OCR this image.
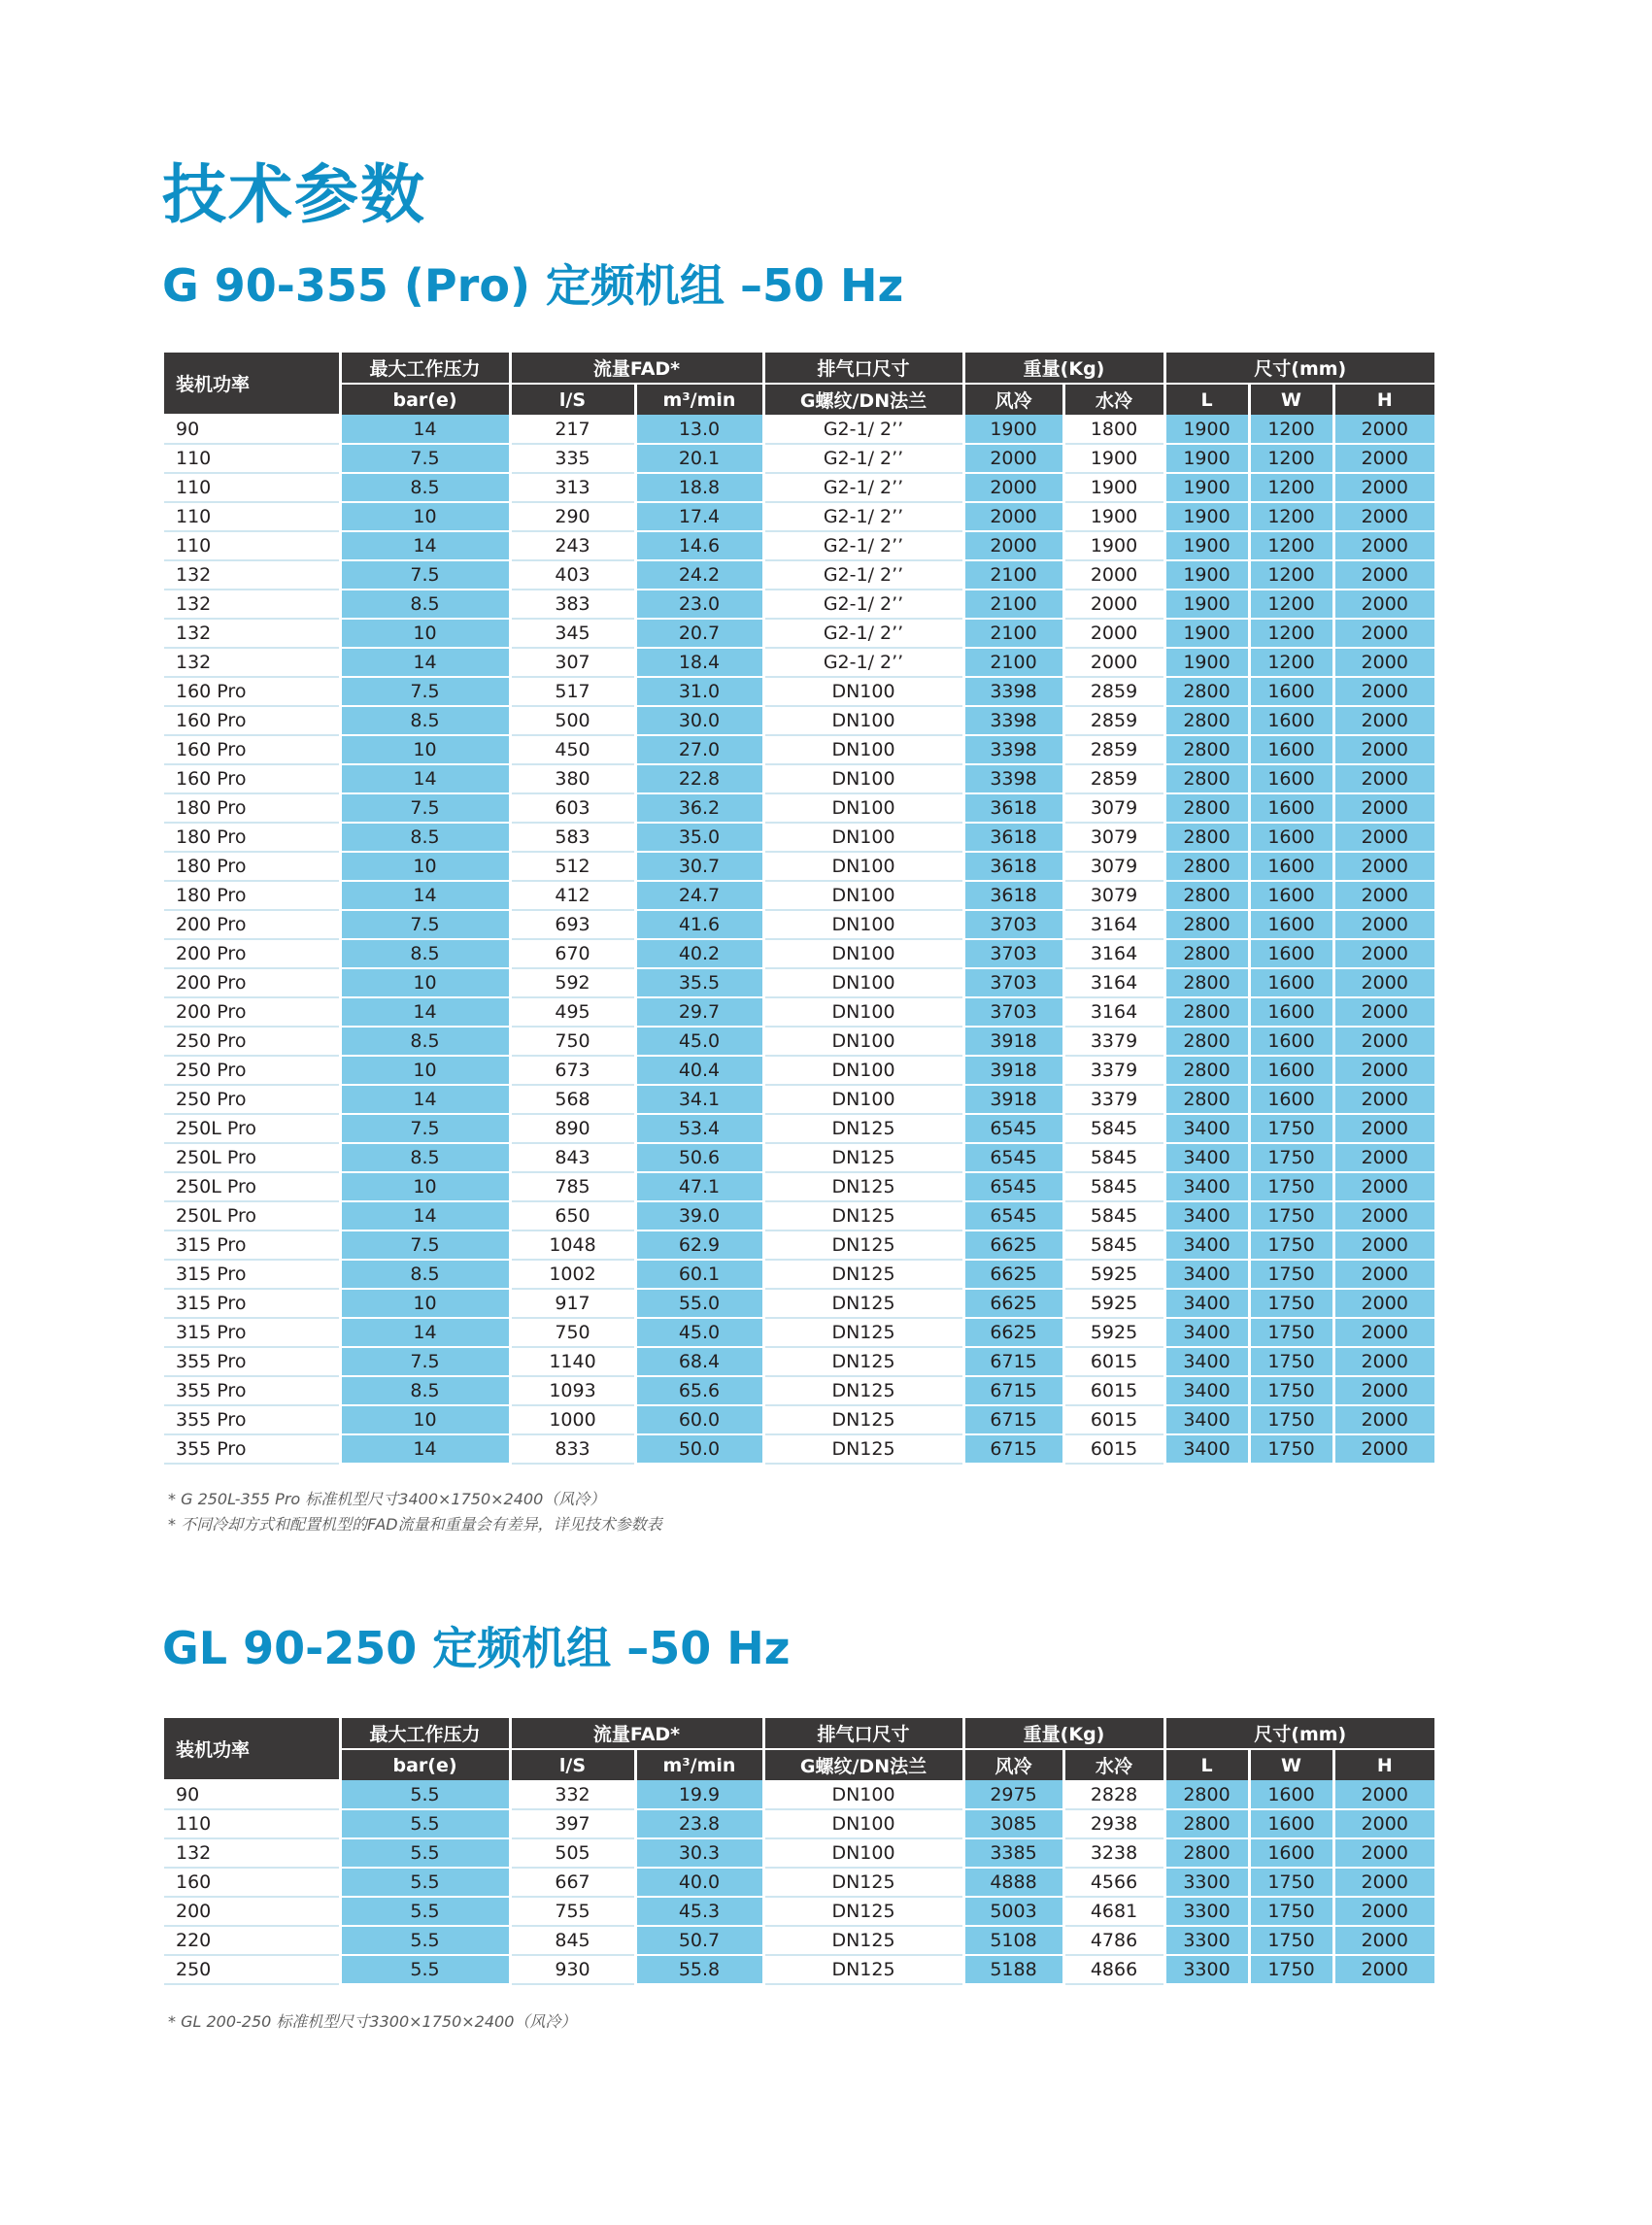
技术参数
G 90-355 (Pro) 定频机组 –50 Hz
装机功率	最大工作压力	流量FAD*		排气口尺寸	重量(Kg)		尺寸(mm)		
	bar(e)	l/S	m³/min	G螺纹/DN法兰	风冷	水冷	L	W	H
90	14	217	13.0	G2-1/ 2’’	1900	1800	1900	1200	2000
110	7.5	335	20.1	G2-1/ 2’’	2000	1900	1900	1200	2000
110	8.5	313	18.8	G2-1/ 2’’	2000	1900	1900	1200	2000
110	10	290	17.4	G2-1/ 2’’	2000	1900	1900	1200	2000
110	14	243	14.6	G2-1/ 2’’	2000	1900	1900	1200	2000
132	7.5	403	24.2	G2-1/ 2’’	2100	2000	1900	1200	2000
132	8.5	383	23.0	G2-1/ 2’’	2100	2000	1900	1200	2000
132	10	345	20.7	G2-1/ 2’’	2100	2000	1900	1200	2000
132	14	307	18.4	G2-1/ 2’’	2100	2000	1900	1200	2000
160 Pro	7.5	517	31.0	DN100	3398	2859	2800	1600	2000
160 Pro	8.5	500	30.0	DN100	3398	2859	2800	1600	2000
160 Pro	10	450	27.0	DN100	3398	2859	2800	1600	2000
160 Pro	14	380	22.8	DN100	3398	2859	2800	1600	2000
180 Pro	7.5	603	36.2	DN100	3618	3079	2800	1600	2000
180 Pro	8.5	583	35.0	DN100	3618	3079	2800	1600	2000
180 Pro	10	512	30.7	DN100	3618	3079	2800	1600	2000
180 Pro	14	412	24.7	DN100	3618	3079	2800	1600	2000
200 Pro	7.5	693	41.6	DN100	3703	3164	2800	1600	2000
200 Pro	8.5	670	40.2	DN100	3703	3164	2800	1600	2000
200 Pro	10	592	35.5	DN100	3703	3164	2800	1600	2000
200 Pro	14	495	29.7	DN100	3703	3164	2800	1600	2000
250 Pro	8.5	750	45.0	DN100	3918	3379	2800	1600	2000
250 Pro	10	673	40.4	DN100	3918	3379	2800	1600	2000
250 Pro	14	568	34.1	DN100	3918	3379	2800	1600	2000
250L Pro	7.5	890	53.4	DN125	6545	5845	3400	1750	2000
250L Pro	8.5	843	50.6	DN125	6545	5845	3400	1750	2000
250L Pro	10	785	47.1	DN125	6545	5845	3400	1750	2000
250L Pro	14	650	39.0	DN125	6545	5845	3400	1750	2000
315 Pro	7.5	1048	62.9	DN125	6625	5845	3400	1750	2000
315 Pro	8.5	1002	60.1	DN125	6625	5925	3400	1750	2000
315 Pro	10	917	55.0	DN125	6625	5925	3400	1750	2000
315 Pro	14	750	45.0	DN125	6625	5925	3400	1750	2000
355 Pro	7.5	1140	68.4	DN125	6715	6015	3400	1750	2000
355 Pro	8.5	1093	65.6	DN125	6715	6015	3400	1750	2000
355 Pro	10	1000	60.0	DN125	6715	6015	3400	1750	2000
355 Pro	14	833	50.0	DN125	6715	6015	3400	1750	2000

* G 250L-355 Pro 标准机型尺寸3400×1750×2400（风冷）

* 不同冷却方式和配置机型的FAD流量和重量会有差异，详见技术参数表

GL 90-250 定频机组 –50 Hz
装机功率	最大工作压力	流量FAD*		排气口尺寸	重量(Kg)		尺寸(mm)		
	bar(e)	l/S	m³/min	G螺纹/DN法兰	风冷	水冷	L	W	H
90	5.5	332	19.9	DN100	2975	2828	2800	1600	2000
110	5.5	397	23.8	DN100	3085	2938	2800	1600	2000
132	5.5	505	30.3	DN100	3385	3238	2800	1600	2000
160	5.5	667	40.0	DN125	4888	4566	3300	1750	2000
200	5.5	755	45.3	DN125	5003	4681	3300	1750	2000
220	5.5	845	50.7	DN125	5108	4786	3300	1750	2000
250	5.5	930	55.8	DN125	5188	4866	3300	1750	2000

* GL 200-250 标准机型尺寸3300×1750×2400（风冷）
